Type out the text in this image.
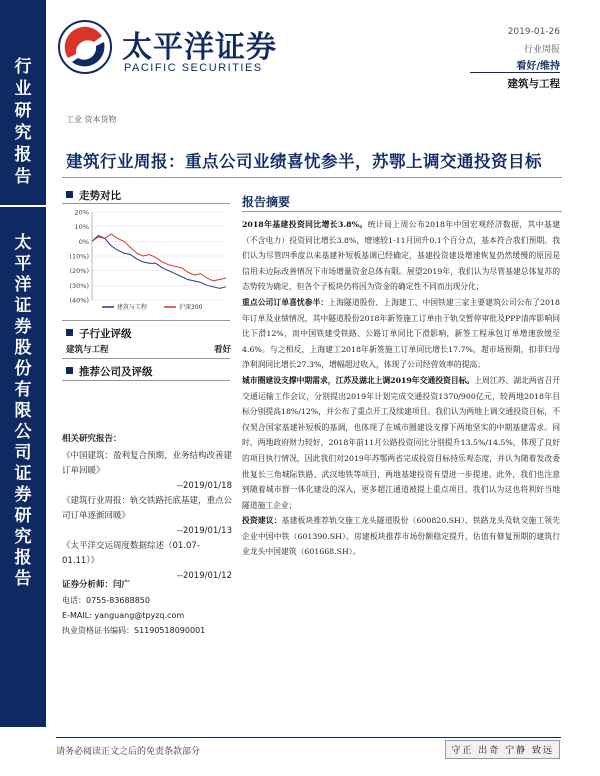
行
业
研
究
报
告
太
平
洋
证
券
股
份
有
限
公
司
证
券
研
究
报
告
太平洋证券
PACIFIC SECURITIES
2019-01-26
行业周报
看好/维持
建筑与工程
工业 资本货物
建筑行业周报：重点公司业绩喜忧参半，苏鄂上调交通投资目标
走势对比
20%
10%
0%
(10%)
(20%)
(30%)
(40%)
建筑与工程	沪深300
子行业评级
建筑与工程	看好
推荐公司及评级
相关研究报告：
《中国建筑：盈利复合预期，业务结构改善建订单回暖》
--2019/01/18
《建筑行业周报：轨交铁路托底基建，重点公司订单逐渐回暖》
--2019/01/13
《太平洋交运周度数据综述（01.07-01.11）》
--2019/01/12
证券分析师：闫广
电话：0755-83688850
E-MAIL: yanguang@tpyzq.com
执业资格证书编码：S1190518090001
报告摘要

2018年基建投资同比增长3.8%。统计局上周公布2018年中国宏观经济数据，其中基建（不含电力）投资同比增长3.8%，增速较1-11月回升0.1个百分点，基本符合我们预期。我们认为尽管四季度以来基建补短板基调已经确定，基建投资建设增速恢复仍然缓慢的原因是信用未边际改善情况下市场增量资金总体有限。展望2019年，我们认为尽管基建总体复苏的态势较为确定，但各个子板块仍将因为资金的确定性不同而出现分化；

重点公司订单喜忧参半：上海隧道股份、上海建工、中国铁建三家主要建筑公司公布了2018年订单及业绩情况，其中隧道股份2018年新签施工订单由于轨交暂停审批及PPP清库影响同比下滑12%，而中国铁建受铁路、公路订单同比下滑影响，新签工程承包订单增速放缓至4.6%。与之相反，上海建工2018年新签施工订单同比增长17.7%，超市场预期，扣非归母净利润同比增长27.3%，增幅超过收入，体现了公司经营效率的提高；

城市圈建设支撑中期需求，江苏及湖北上调2019年交通投资目标。上周江苏、湖北两省召开交通运输工作会议，分别提出2019年计划完成交通投资1370/900亿元，较两地2018年目标分别提高18%/12%，并公布了重点开工及续建项目。我们认为两地上调交通投资目标，不仅契合国家基建补短板的基调，也体现了在城市圈建设支撑下两地坚实的中期基建需求。同时，两地政府财力较好，2018年前11月公路投资同比分别提升13.5%/14.5%，体现了良好的项目执行情况，因此我们对2019年苏鄂两省完成投资目标持乐观态度，并认为随着发改委批复长三角城际铁路、武汉地铁等项目，两地基建投资有望进一步提速。此外，我们也注意到随着城市群一体化建设的深入，更多超江通道被提上重点项目，我们认为这也将利好当地隧道施工企业；

投资建议：基建板块推荐轨交施工龙头隧道股份（600820.SH）、铁路龙头及轨交施工领先企业中国中铁（601390.SH）。房建板块推荐市场份额稳定提升，估值有修复预期的建筑行业龙头中国建筑（601668.SH）。

请务必阅读正文之后的免责条款部分	守正 出奇 宁静 致远
